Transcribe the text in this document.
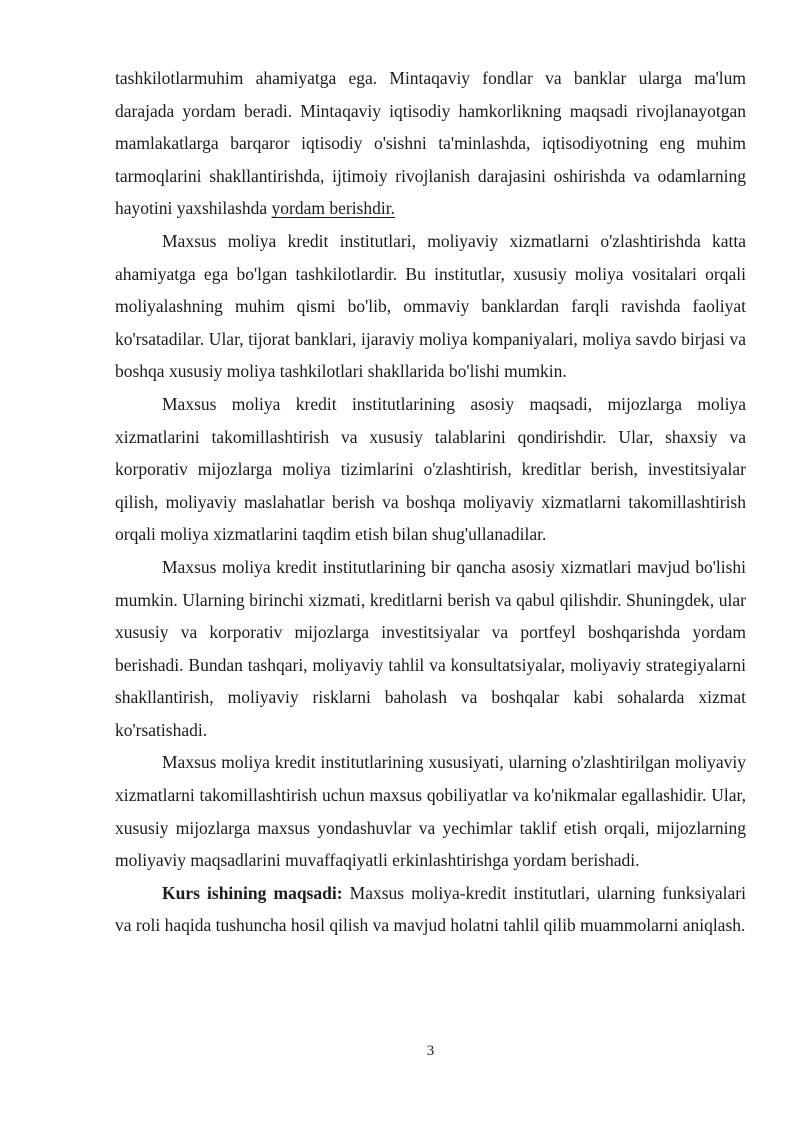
tashkilotlarmuhim ahamiyatga ega. Mintaqaviy fondlar va banklar ularga ma'lum darajada yordam beradi. Mintaqaviy iqtisodiy hamkorlikning maqsadi rivojlanayotgan mamlakatlarga barqaror iqtisodiy o'sishni ta'minlashda, iqtisodiyotning eng muhim tarmoqlarini shakllantirishda, ijtimoiy rivojlanish darajasini oshirishda va odamlarning hayotini yaxshilashda yordam berishdir.

Maxsus moliya kredit institutlari, moliyaviy xizmatlarni o'zlashtirishda katta ahamiyatga ega bo'lgan tashkilotlardir. Bu institutlar, xususiy moliya vositalari orqali moliyalashning muhim qismi bo'lib, ommaviy banklardan farqli ravishda faoliyat ko'rsatadilar. Ular, tijorat banklari, ijaraviy moliya kompaniyalari, moliya savdo birjasi va boshqa xususiy moliya tashkilotlari shakllarida bo'lishi mumkin.

Maxsus moliya kredit institutlarining asosiy maqsadi, mijozlarga moliya xizmatlarini takomillashtirish va xususiy talablarini qondirishdir. Ular, shaxsiy va korporativ mijozlarga moliya tizimlarini o'zlashtirish, kreditlar berish, investitsiyalar qilish, moliyaviy maslahatlar berish va boshqa moliyaviy xizmatlarni takomillashtirish orqali moliya xizmatlarini taqdim etish bilan shug'ullanadilar.

Maxsus moliya kredit institutlarining bir qancha asosiy xizmatlari mavjud bo'lishi mumkin. Ularning birinchi xizmati, kreditlarni berish va qabul qilishdir. Shuningdek, ular xususiy va korporativ mijozlarga investitsiyalar va portfeyl boshqarishda yordam berishadi. Bundan tashqari, moliyaviy tahlil va konsultatsiyalar, moliyaviy strategiyalarni shakllantirish, moliyaviy risklarni baholash va boshqalar kabi sohalarda xizmat ko'rsatishadi.

Maxsus moliya kredit institutlarining xususiyati, ularning o'zlashtirilgan moliyaviy xizmatlarni takomillashtirish uchun maxsus qobiliyatlar va ko'nikmalar egallashidir. Ular, xususiy mijozlarga maxsus yondashuvlar va yechimlar taklif etish orqali, mijozlarning moliyaviy maqsadlarini muvaffaqiyatli erkinlashtirishga yordam berishadi.

Kurs ishining maqsadi: Maxsus moliya-kredit institutlari, ularning funksiyalari va roli haqida tushuncha hosil qilish va mavjud holatni tahlil qilib muammolarni aniqlash.

3
